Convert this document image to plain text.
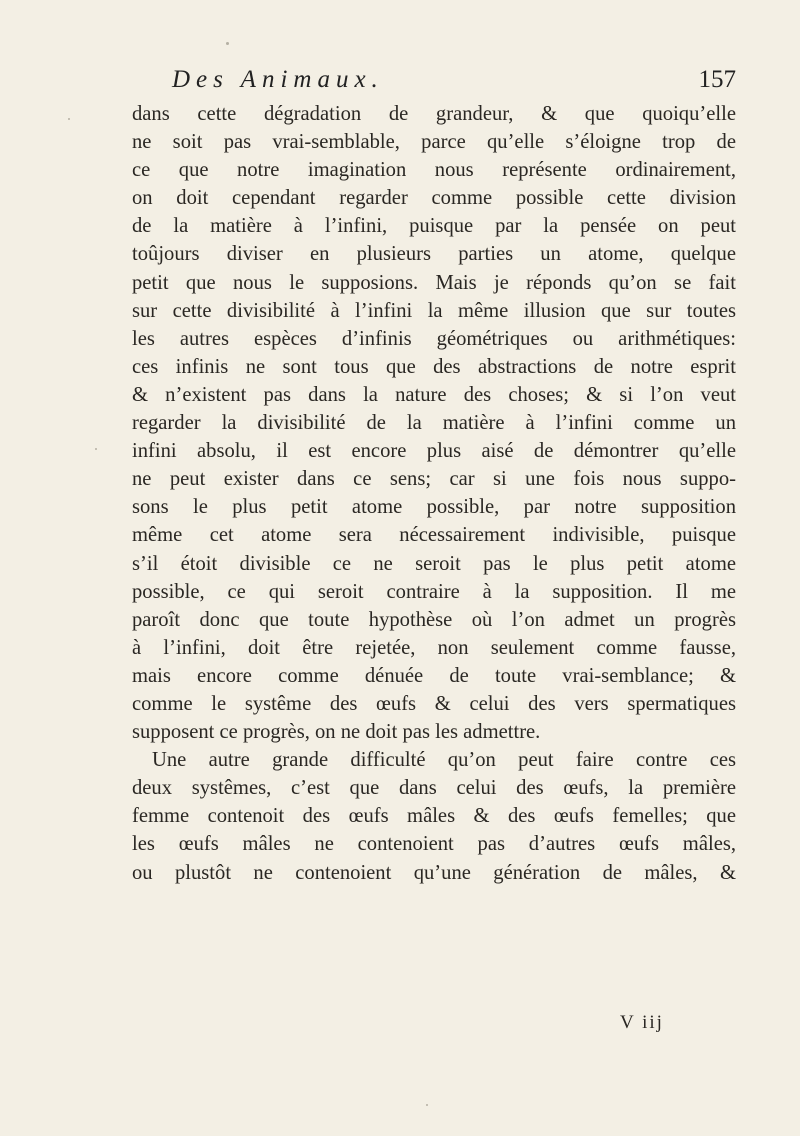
Des Animaux.	157
dans cette dégradation de grandeur, & que quoiqu’elle
ne soit pas vrai-semblable, parce qu’elle s’éloigne trop de
ce que notre imagination nous représente ordinairement,
on doit cependant regarder comme possible cette division
de la matière à l’infini, puisque par la pensée on peut
toûjours diviser en plusieurs parties un atome, quelque
petit que nous le supposions. Mais je réponds qu’on se fait
sur cette divisibilité à l’infini la même illusion que sur toutes
les autres espèces d’infinis géométriques ou arithmétiques:
ces infinis ne sont tous que des abstractions de notre esprit
& n’existent pas dans la nature des choses; & si l’on veut
regarder la divisibilité de la matière à l’infini comme un
infini absolu, il est encore plus aisé de démontrer qu’elle
ne peut exister dans ce sens; car si une fois nous suppo-
sons le plus petit atome possible, par notre supposition
même cet atome sera nécessairement indivisible, puisque
s’il étoit divisible ce ne seroit pas le plus petit atome
possible, ce qui seroit contraire à la supposition. Il me
paroît donc que toute hypothèse où l’on admet un progrès
à l’infini, doit être rejetée, non seulement comme fausse,
mais encore comme dénuée de toute vrai-semblance; &
comme le systême des œufs & celui des vers spermatiques
supposent ce progrès, on ne doit pas les admettre.
Une autre grande difficulté qu’on peut faire contre ces
deux systêmes, c’est que dans celui des œufs, la première
femme contenoit des œufs mâles & des œufs femelles; que
les œufs mâles ne contenoient pas d’autres œufs mâles,
ou plustôt ne contenoient qu’une génération de mâles, &
V iij
